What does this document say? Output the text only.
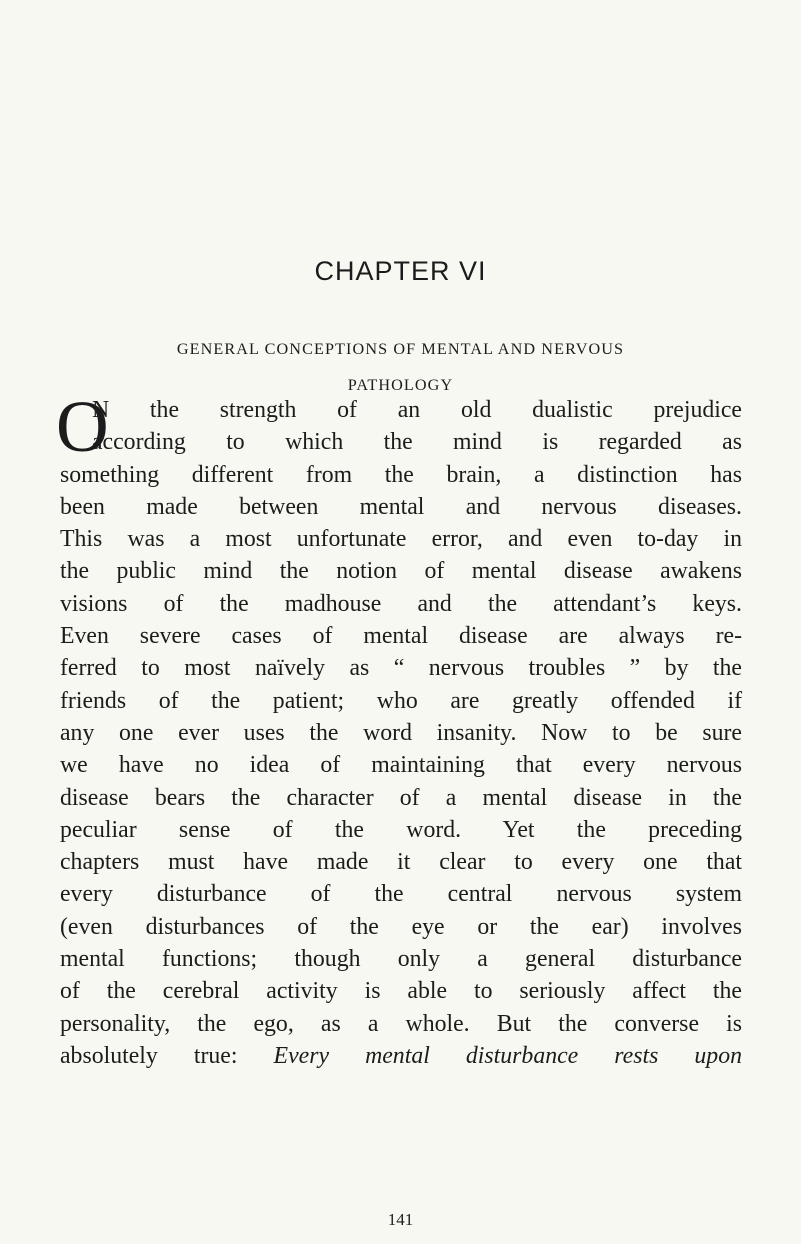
CHAPTER VI
GENERAL CONCEPTIONS OF MENTAL AND NERVOUS
PATHOLOGY
O
N the strength of an old dualistic prejudice
according to which the mind is regarded as
something different from the brain, a distinction has
been made between mental and nervous diseases.
This was a most unfortunate error, and even to-day in
the public mind the notion of mental disease awakens
visions of the madhouse and the attendant’s keys.
Even severe cases of mental disease are always re-
ferred to most naïvely as “ nervous troubles ” by the
friends of the patient; who are greatly offended if
any one ever uses the word insanity. Now to be sure
we have no idea of maintaining that every nervous
disease bears the character of a mental disease in the
peculiar sense of the word. Yet the preceding
chapters must have made it clear to every one that
every disturbance of the central nervous system
(even disturbances of the eye or the ear) involves
mental functions; though only a general disturbance
of the cerebral activity is able to seriously affect the
personality, the ego, as a whole. But the converse is
absolutely true: Every mental disturbance rests upon
141
